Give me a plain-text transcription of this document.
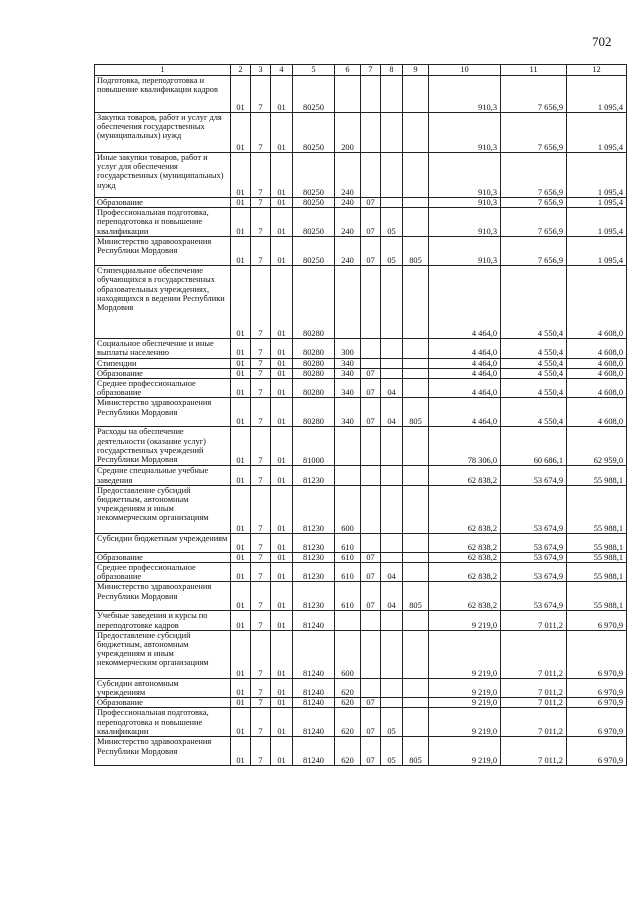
702
1	2	3	4	5	6	7	8	9	10	11	12
Подготовка, переподготовка и повышение квалификации кадров	01	7	01	80250					910,3	7 656,9	1 095,4
Закупка товаров, работ и услуг для обеспечения государственных (муниципальных) нужд	01	7	01	80250	200				910,3	7 656,9	1 095,4
Иные закупки товаров, работ и услуг для обеспечения государственных (муниципальных) нужд	01	7	01	80250	240				910,3	7 656,9	1 095,4
Образование	01	7	01	80250	240	07			910,3	7 656,9	1 095,4
Профессиональная подготовка, переподготовка и повышение квалификации	01	7	01	80250	240	07	05		910,3	7 656,9	1 095,4
Министерство здравоохранения Республики Мордовия	01	7	01	80250	240	07	05	805	910,3	7 656,9	1 095,4
Стипендиальное обеспечение обучающихся в государственных образовательных учреждениях, находящихся в ведении Республики Мордовия	01	7	01	80280					4 464,0	4 550,4	4 608,0
Социальное обеспечение и иные выплаты населению	01	7	01	80280	300				4 464,0	4 550,4	4 608,0
Стипендии	01	7	01	80280	340				4 464,0	4 550,4	4 608,0
Образование	01	7	01	80280	340	07			4 464,0	4 550,4	4 608,0
Среднее профессиональное образование	01	7	01	80280	340	07	04		4 464,0	4 550,4	4 608,0
Министерство здравоохранения Республики Мордовия	01	7	01	80280	340	07	04	805	4 464,0	4 550,4	4 608,0
Расходы на обеспечение деятельности (оказание услуг) государственных учреждений Республики Мордовия	01	7	01	81000					78 306,0	60 686,1	62 959,0
Средние специальные учебные заведения	01	7	01	81230					62 838,2	53 674,9	55 988,1
Предоставление субсидий бюджетным, автономным учреждениям и иным некоммерческим организациям	01	7	01	81230	600				62 838,2	53 674,9	55 988,1
Субсидии бюджетным учреждениям	01	7	01	81230	610				62 838,2	53 674,9	55 988,1
Образование	01	7	01	81230	610	07			62 838,2	53 674,9	55 988,1
Среднее профессиональное образование	01	7	01	81230	610	07	04		62 838,2	53 674,9	55 988,1
Министерство здравоохранения Республики Мордовия	01	7	01	81230	610	07	04	805	62 838,2	53 674,9	55 988,1
Учебные заведения и курсы по переподготовке кадров	01	7	01	81240					9 219,0	7 011,2	6 970,9
Предоставление субсидий бюджетным, автономным учреждениям и иным некоммерческим организациям	01	7	01	81240	600				9 219,0	7 011,2	6 970,9
Субсидии автономным учреждениям	01	7	01	81240	620				9 219,0	7 011,2	6 970,9
Образование	01	7	01	81240	620	07			9 219,0	7 011,2	6 970,9
Профессиональная подготовка, переподготовка и повышение квалификации	01	7	01	81240	620	07	05		9 219,0	7 011,2	6 970,9
Министерство здравоохранения Республики Мордовия	01	7	01	81240	620	07	05	805	9 219,0	7 011,2	6 970,9
